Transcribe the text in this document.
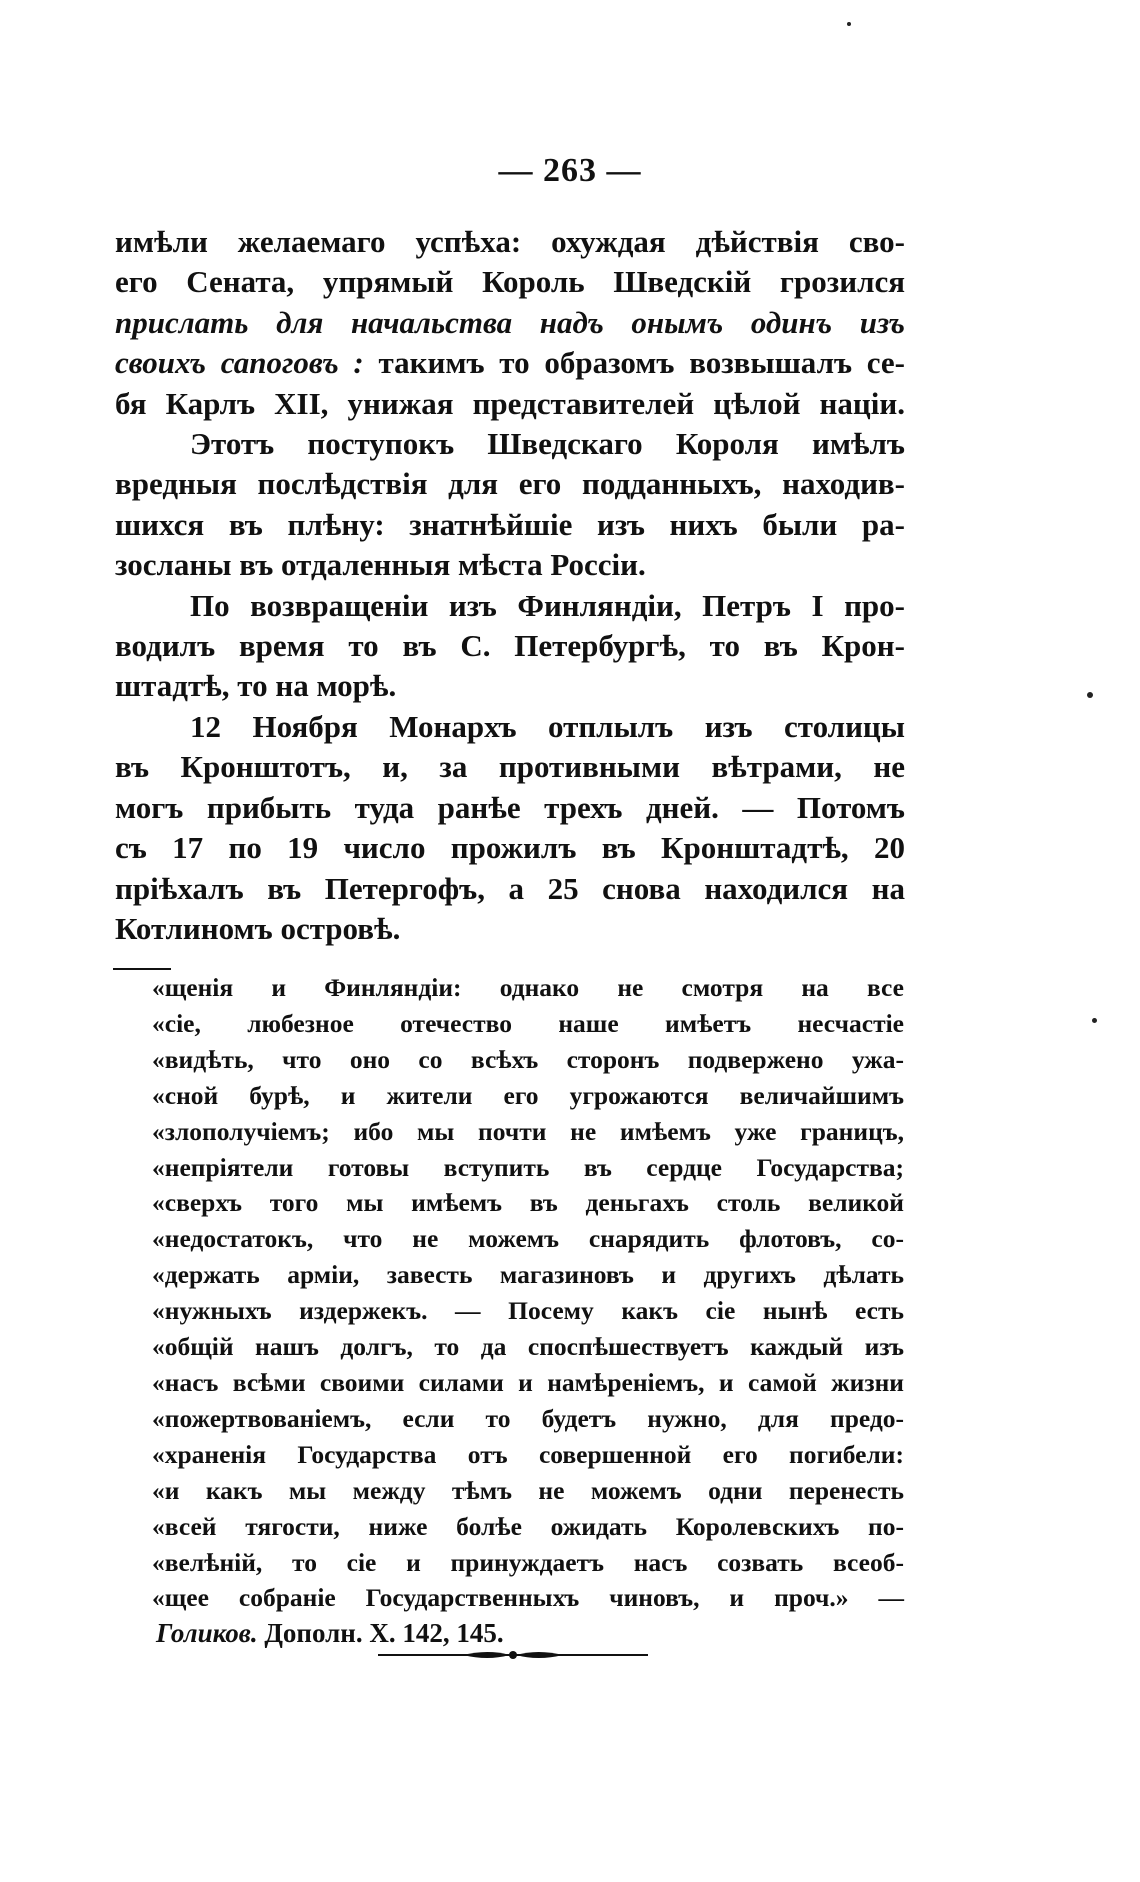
— 263 —
имѣли желаемаго успѣха: охуждая дѣйствія сво-
его Сената, упрямый Король Шведскій грозился
прислать для начальства надъ онымъ одинъ изъ
своихъ сапоговъ : такимъ то образомъ возвышалъ се-
бя Карлъ XII, унижая представителей цѣлой націи.
Этотъ поступокъ Шведскаго Короля имѣлъ
вредныя послѣдствія для его подданныхъ, находив-
шихся въ плѣну: знатнѣйшіе изъ нихъ были ра-
зосланы въ отдаленныя мѣста Россіи.
По возвращеніи изъ Финляндіи, Петръ I про-
водилъ время то въ С. Петербургѣ, то въ Крон-
штадтѣ, то на морѣ.
12 Ноября Монархъ отплылъ изъ столицы
въ Кронштотъ, и, за противными вѣтрами, не
могъ прибыть туда ранѣе трехъ дней. — Потомъ
съ 17 по 19 число прожилъ въ Кронштадтѣ, 20
пріѣхалъ въ Петергофъ, а 25 снова находился на
Котлиномъ островѣ.
«щенія и Финляндіи: однако не смотря на все
«сіе, любезное отечество наше имѣетъ несчастіе
«видѣть, что оно со всѣхъ сторонъ подвержено ужа-
«сной бурѣ, и жители его угрожаются величайшимъ
«злополучіемъ; ибо мы почти не имѣемъ уже границъ,
«непріятели готовы вступить въ сердце Государства;
«сверхъ того мы имѣемъ въ деньгахъ столь великой
«недостатокъ, что не можемъ снарядить флотовъ, со-
«держать арміи, завесть магазиновъ и другихъ дѣлать
«нужныхъ издержекъ. — Посему какъ сіе нынѣ есть
«общій нашъ долгъ, то да споспѣшествуетъ каждый изъ
«насъ всѣми своими силами и намѣреніемъ, и самой жизни
«пожертвованіемъ, если то будетъ нужно, для предо-
«храненія Государства отъ совершенной его погибели:
«и какъ мы между тѣмъ не можемъ одни перенесть
«всей тягости, ниже болѣе ожидать Королевскихъ по-
«велѣній, то сіе и принуждаетъ насъ созвать всеоб-
«щее собраніе Государственныхъ чиновъ, и проч.» —
Голиков. Дополн. X. 142, 145.
